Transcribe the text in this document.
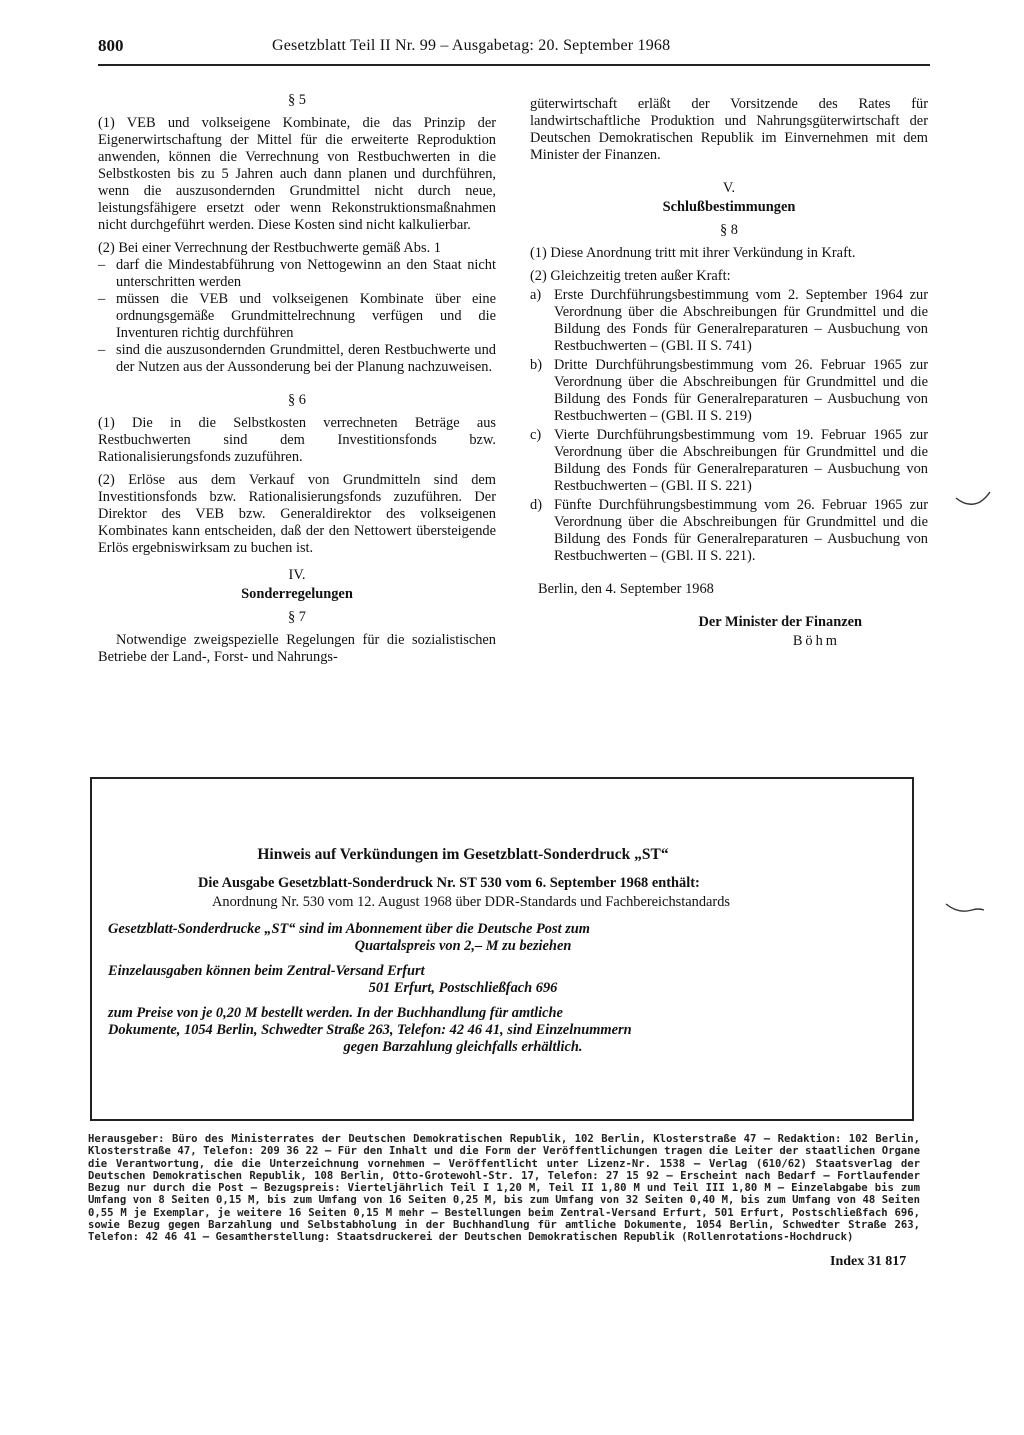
800	Gesetzblatt Teil II Nr. 99 – Ausgabetag: 20. September 1968

§ 5

(1) VEB und volkseigene Kombinate, die das Prinzip der Eigenerwirtschaftung der Mittel für die erweiterte Reproduktion anwenden, können die Verrechnung von Restbuchwerten in die Selbstkosten bis zu 5 Jahren auch dann planen und durchführen, wenn die auszusondernden Grundmittel nicht durch neue, leistungsfähigere ersetzt oder wenn Rekonstruktionsmaßnahmen nicht durchgeführt werden. Diese Kosten sind nicht kalkulierbar.

(2) Bei einer Verrechnung der Restbuchwerte gemäß Abs. 1

– darf die Mindestabführung von Nettogewinn an den Staat nicht unterschritten werden
– müssen die VEB und volkseigenen Kombinate über eine ordnungsgemäße Grundmittelrechnung verfügen und die Inventuren richtig durchführen
– sind die auszusondernden Grundmittel, deren Restbuchwerte und der Nutzen aus der Aussonderung bei der Planung nachzuweisen.

§ 6

(1) Die in die Selbstkosten verrechneten Beträge aus Restbuchwerten sind dem Investitionsfonds bzw. Rationalisierungsfonds zuzuführen.

(2) Erlöse aus dem Verkauf von Grundmitteln sind dem Investitionsfonds bzw. Rationalisierungsfonds zuzuführen. Der Direktor des VEB bzw. Generaldirektor des volkseigenen Kombinates kann entscheiden, daß der den Nettowert übersteigende Erlös ergebniswirksam zu buchen ist.

IV.

Sonderregelungen

§ 7

Notwendige zweigspezielle Regelungen für die sozialistischen Betriebe der Land-, Forst- und Nahrungs-

güterwirtschaft erläßt der Vorsitzende des Rates für landwirtschaftliche Produktion und Nahrungsgüterwirtschaft der Deutschen Demokratischen Republik im Einvernehmen mit dem Minister der Finanzen.

V.

Schlußbestimmungen

§ 8

(1) Diese Anordnung tritt mit ihrer Verkündung in Kraft.

(2) Gleichzeitig treten außer Kraft:

a) Erste Durchführungsbestimmung vom 2. September 1964 zur Verordnung über die Abschreibungen für Grundmittel und die Bildung des Fonds für Generalreparaturen – Ausbuchung von Restbuchwerten – (GBl. II S. 741)
b) Dritte Durchführungsbestimmung vom 26. Februar 1965 zur Verordnung über die Abschreibungen für Grundmittel und die Bildung des Fonds für Generalreparaturen – Ausbuchung von Restbuchwerten – (GBl. II S. 219)
c) Vierte Durchführungsbestimmung vom 19. Februar 1965 zur Verordnung über die Abschreibungen für Grundmittel und die Bildung des Fonds für Generalreparaturen – Ausbuchung von Restbuchwerten – (GBl. II S. 221)
d) Fünfte Durchführungsbestimmung vom 26. Februar 1965 zur Verordnung über die Abschreibungen für Grundmittel und die Bildung des Fonds für Generalreparaturen – Ausbuchung von Restbuchwerten – (GBl. II S. 221).

Berlin, den 4. September 1968

Der Minister der Finanzen

Böhm

Hinweis auf Verkündungen im Gesetzblatt-Sonderdruck „ST“

Die Ausgabe Gesetzblatt-Sonderdruck Nr. ST 530 vom 6. September 1968 enthält:

Anordnung Nr. 530 vom 12. August 1968 über DDR-Standards und Fachbereichstandards

Gesetzblatt-Sonderdrucke „ST“ sind im Abonnement über die Deutsche Post zum

Quartalspreis von 2,– M zu beziehen

Einzelausgaben können beim Zentral-Versand Erfurt

501 Erfurt, Postschließfach 696

zum Preise von je 0,20 M bestellt werden. In der Buchhandlung für amtliche

Dokumente, 1054 Berlin, Schwedter Straße 263, Telefon: 42 46 41, sind Einzelnummern

gegen Barzahlung gleichfalls erhältlich.

Herausgeber: Büro des Ministerrates der Deutschen Demokratischen Republik, 102 Berlin, Klosterstraße 47 – Redaktion: 102 Berlin, Klosterstraße 47, Telefon: 209 36 22 – Für den Inhalt und die Form der Veröffentlichungen tragen die Leiter der staatlichen Organe die Verantwortung, die die Unterzeichnung vornehmen – Veröffentlicht unter Lizenz-Nr. 1538 – Verlag (610/62) Staatsverlag der Deutschen Demokratischen Republik, 108 Berlin, Otto-Grotewohl-Str. 17, Telefon: 27 15 92 – Erscheint nach Bedarf – Fortlaufender Bezug nur durch die Post – Bezugspreis: Vierteljährlich Teil I 1,20 M, Teil II 1,80 M und Teil III 1,80 M – Einzelabgabe bis zum Umfang von 8 Seiten 0,15 M, bis zum Umfang von 16 Seiten 0,25 M, bis zum Umfang von 32 Seiten 0,40 M, bis zum Umfang von 48 Seiten 0,55 M je Exemplar, je weitere 16 Seiten 0,15 M mehr – Bestellungen beim Zentral-Versand Erfurt, 501 Erfurt, Postschließfach 696, sowie Bezug gegen Barzahlung und Selbstabholung in der Buchhandlung für amtliche Dokumente, 1054 Berlin, Schwedter Straße 263, Telefon: 42 46 41 – Gesamtherstellung: Staatsdruckerei der Deutschen Demokratischen Republik (Rollenrotations-Hochdruck)
Index 31 817
